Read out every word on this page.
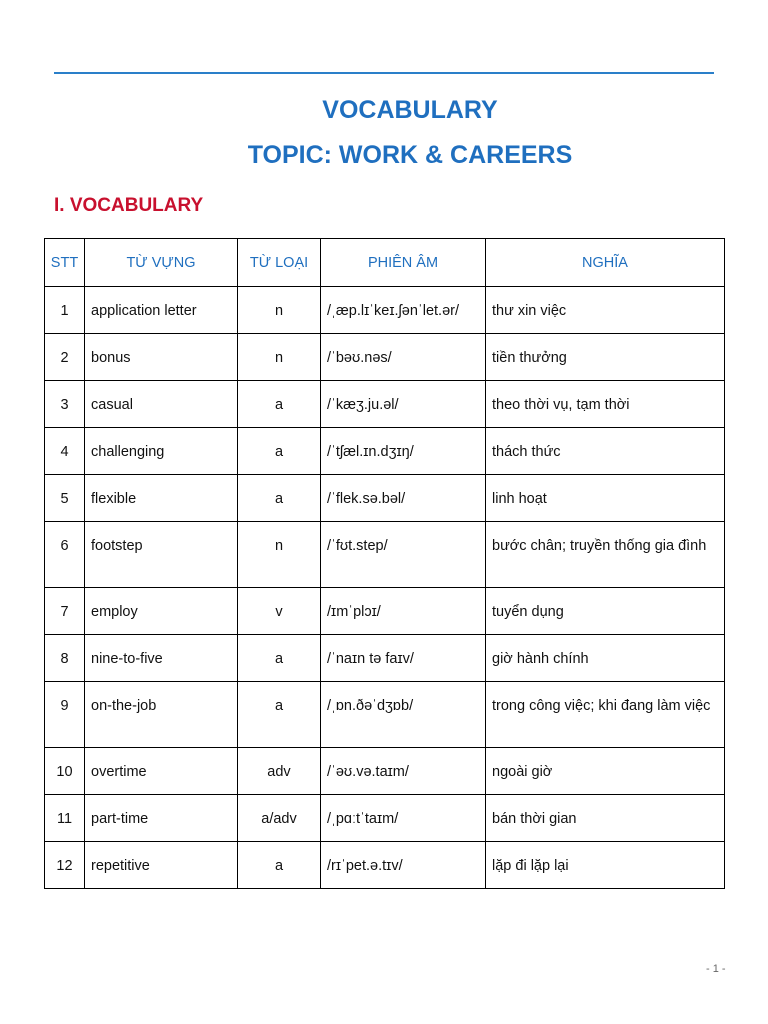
VOCABULARY
TOPIC: WORK & CAREERS
I. VOCABULARY
STT	TỪ VỰNG	TỪ LOẠI	PHIÊN ÂM	NGHĨA
1	application letter	n	/ˌæp.lɪˈkeɪ.ʃənˈlet.ər/	thư xin việc
2	bonus	n	/ˈbəʊ.nəs/	tiền thưởng
3	casual	a	/ˈkæʒ.ju.əl/	theo thời vụ, tạm thời
4	challenging	a	/ˈtʃæl.ɪn.dʒɪŋ/	thách thức
5	flexible	a	/ˈflek.sə.bəl/	linh hoạt
6	footstep	n	/ˈfʊt.step/	bước chân; truyền thống gia đình
7	employ	v	/ɪmˈplɔɪ/	tuyển dụng
8	nine-to-five	a	/ˈnaɪn tə faɪv/	giờ hành chính
9	on-the-job	a	/ˌɒn.ðəˈdʒɒb/	trong công việc; khi đang làm việc
10	overtime	adv	/ˈəʊ.və.taɪm/	ngoài giờ
11	part-time	a/adv	/ˌpɑːtˈtaɪm/	bán thời gian
12	repetitive	a	/rɪˈpet.ə.tɪv/	lặp đi lặp lại

- 1 -
